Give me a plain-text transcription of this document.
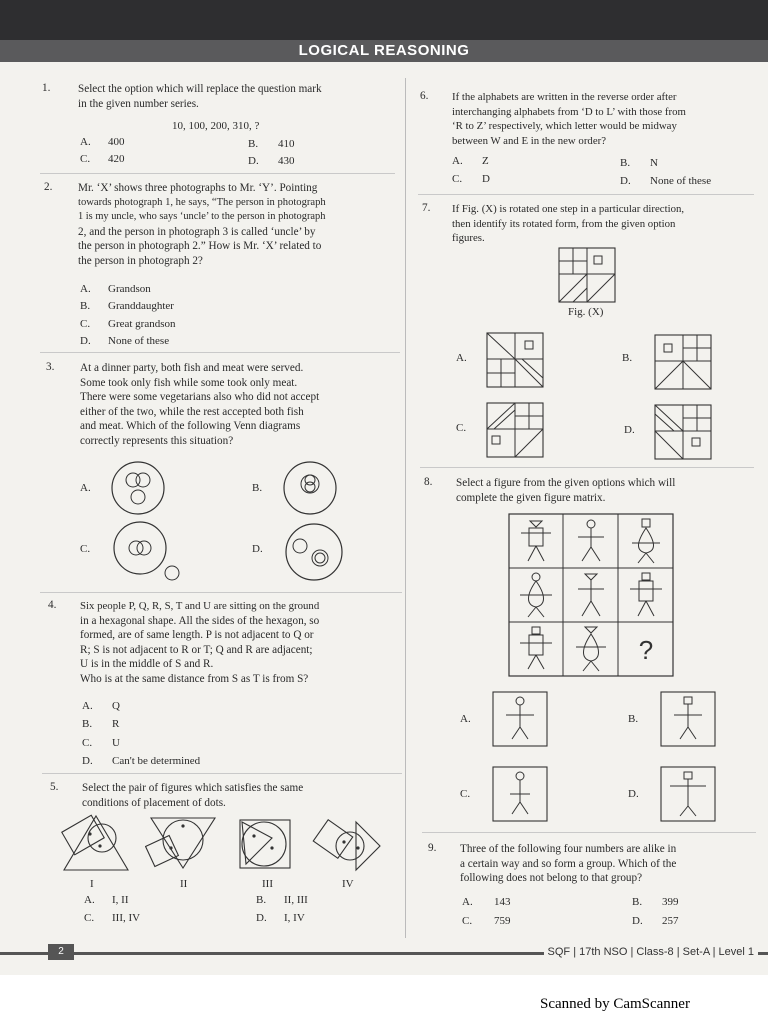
LOGICAL REASONING
1. Select the option which will replace the question mark
in the given number series.
10, 100, 200, 310, ?
A. 400	B. 410
C. 420	D. 430
2. Mr. ‘X’ shows three photographs to Mr. ‘Y’. Pointing
towards photograph 1, he says, “The person in photograph
1 is my uncle, who says ‘uncle’ to the person in photograph
2, and the person in photograph 3 is called ‘uncle’ by
the person in photograph 2.” How is Mr. ‘X’ related to
the person in photograph 2?
A. Grandson
B. Granddaughter
C. Great grandson
D. None of these
3. At a dinner party, both fish and meat were served.
Some took only fish while some took only meat.
There were some vegetarians also who did not accept
either of the two, while the rest accepted both fish
and meat. Which of the following Venn diagrams
correctly represents this situation?
A.	B.
C.	D.
4. Six people P, Q, R, S, T and U are sitting on the ground
in a hexagonal shape. All the sides of the hexagon, so
formed, are of same length. P is not adjacent to Q or
R; S is not adjacent to R or T; Q and R are adjacent;
U is in the middle of S and R.
Who is at the same distance from S as T is from S?
A. Q
B. R
C. U
D. Can't be determined
5. Select the pair of figures which satisfies the same
conditions of placement of dots.
I	II	III	IV
A. I, II	B. II, III
C. III, IV	D. I, IV
6. If the alphabets are written in the reverse order after
interchanging alphabets from ‘D to L’ with those from
‘R to Z’ respectively, which letter would be midway
between W and E in the new order?
A. Z	B. N
C. D	D. None of these
7. If Fig. (X) is rotated one step in a particular direction,
then identify its rotated form, from the given option
figures.
Fig. (X)
A.	B.
C.	D.
8. Select a figure from the given options which will
complete the given figure matrix.
?
A.	B.
C.	D.
9. Three of the following four numbers are alike in
a certain way and so form a group. Which of the
following does not belong to that group?
A. 143	B. 399
C. 759	D. 257
2	SQF | 17th NSO | Class-8 | Set-A | Level 1
Scanned by CamScanner
